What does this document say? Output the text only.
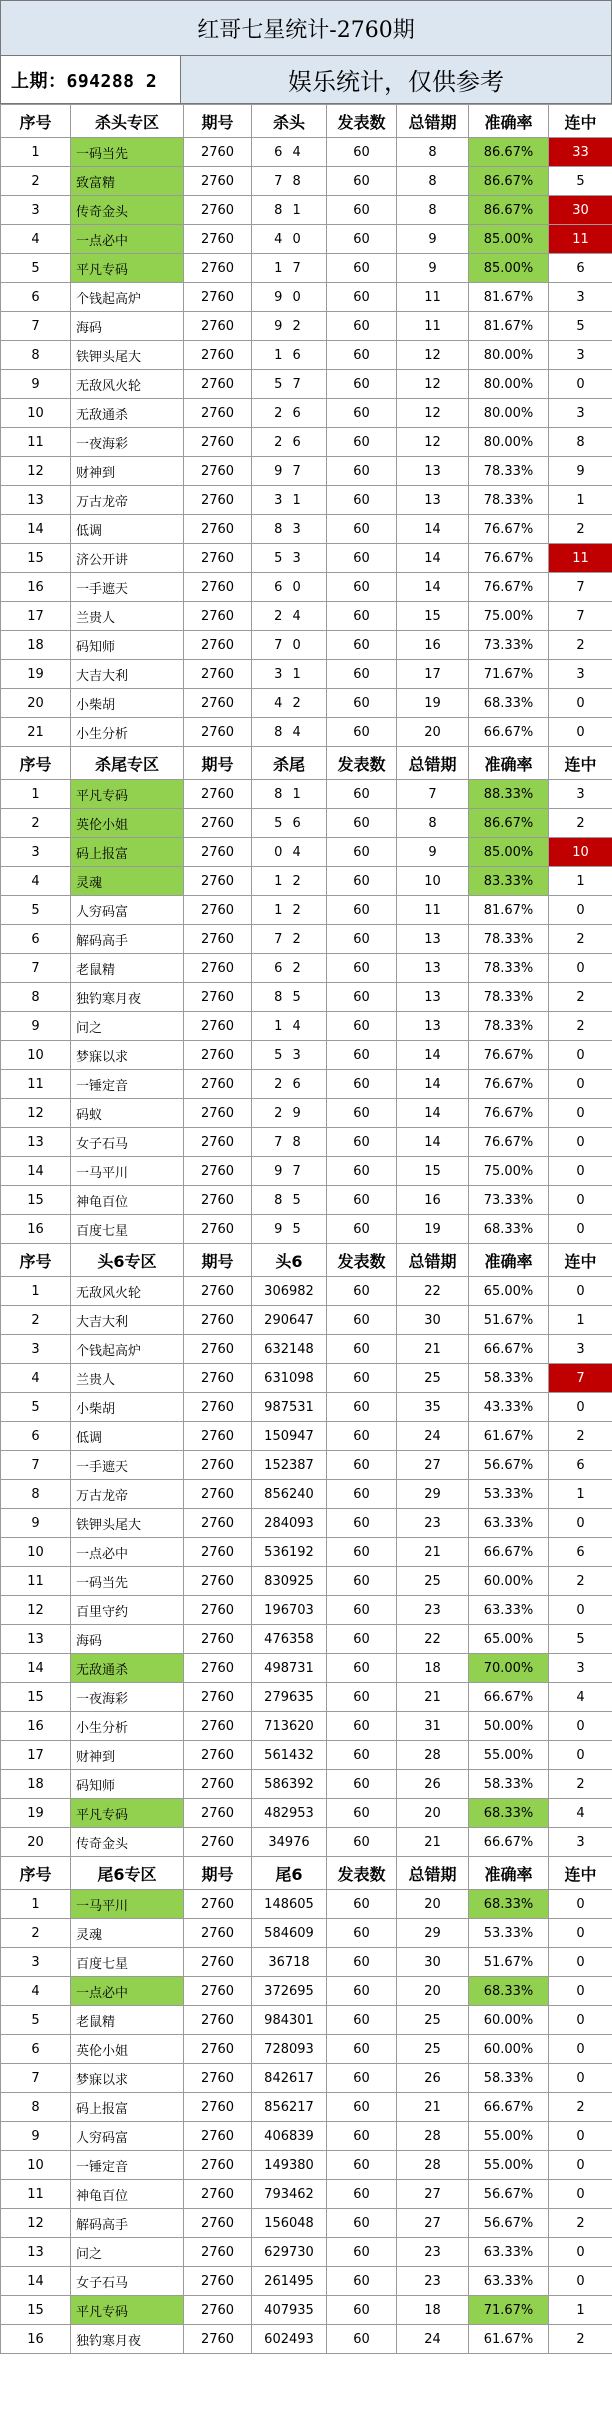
红哥七星统计-2760期
上期：694288 2	娱乐统计，仅供参考
序号	杀头专区	期号	杀头	发表数	总错期	准确率	连中
1	一码当先	2760	6 4	60	8	86.67%	33
2	致富精	2760	7 8	60	8	86.67%	5
3	传奇金头	2760	8 1	60	8	86.67%	30
4	一点必中	2760	4 0	60	9	85.00%	11
5	平凡专码	2760	1 7	60	9	85.00%	6
6	个钱起高炉	2760	9 0	60	11	81.67%	3
7	海码	2760	9 2	60	11	81.67%	5
8	铁钾头尾大	2760	1 6	60	12	80.00%	3
9	无敌风火轮	2760	5 7	60	12	80.00%	0
10	无敌通杀	2760	2 6	60	12	80.00%	3
11	一夜海彩	2760	2 6	60	12	80.00%	8
12	财神到	2760	9 7	60	13	78.33%	9
13	万古龙帝	2760	3 1	60	13	78.33%	1
14	低调	2760	8 3	60	14	76.67%	2
15	济公开讲	2760	5 3	60	14	76.67%	11
16	一手遮天	2760	6 0	60	14	76.67%	7
17	兰贵人	2760	2 4	60	15	75.00%	7
18	码知师	2760	7 0	60	16	73.33%	2
19	大吉大利	2760	3 1	60	17	71.67%	3
20	小柴胡	2760	4 2	60	19	68.33%	0
21	小生分析	2760	8 4	60	20	66.67%	0
序号	杀尾专区	期号	杀尾	发表数	总错期	准确率	连中
1	平凡专码	2760	8 1	60	7	88.33%	3
2	英伦小姐	2760	5 6	60	8	86.67%	2
3	码上报富	2760	0 4	60	9	85.00%	10
4	灵魂	2760	1 2	60	10	83.33%	1
5	人穷码富	2760	1 2	60	11	81.67%	0
6	解码高手	2760	7 2	60	13	78.33%	2
7	老鼠精	2760	6 2	60	13	78.33%	0
8	独钓寒月夜	2760	8 5	60	13	78.33%	2
9	问之	2760	1 4	60	13	78.33%	2
10	梦寐以求	2760	5 3	60	14	76.67%	0
11	一锤定音	2760	2 6	60	14	76.67%	0
12	码蚁	2760	2 9	60	14	76.67%	0
13	女子石马	2760	7 8	60	14	76.67%	0
14	一马平川	2760	9 7	60	15	75.00%	0
15	神龟百位	2760	8 5	60	16	73.33%	0
16	百度七星	2760	9 5	60	19	68.33%	0
序号	头6专区	期号	头6	发表数	总错期	准确率	连中
1	无敌风火轮	2760	306982	60	22	65.00%	0
2	大吉大利	2760	290647	60	30	51.67%	1
3	个钱起高炉	2760	632148	60	21	66.67%	3
4	兰贵人	2760	631098	60	25	58.33%	7
5	小柴胡	2760	987531	60	35	43.33%	0
6	低调	2760	150947	60	24	61.67%	2
7	一手遮天	2760	152387	60	27	56.67%	6
8	万古龙帝	2760	856240	60	29	53.33%	1
9	铁钾头尾大	2760	284093	60	23	63.33%	0
10	一点必中	2760	536192	60	21	66.67%	6
11	一码当先	2760	830925	60	25	60.00%	2
12	百里守约	2760	196703	60	23	63.33%	0
13	海码	2760	476358	60	22	65.00%	5
14	无敌通杀	2760	498731	60	18	70.00%	3
15	一夜海彩	2760	279635	60	21	66.67%	4
16	小生分析	2760	713620	60	31	50.00%	0
17	财神到	2760	561432	60	28	55.00%	0
18	码知师	2760	586392	60	26	58.33%	2
19	平凡专码	2760	482953	60	20	68.33%	4
20	传奇金头	2760	34976	60	21	66.67%	3
序号	尾6专区	期号	尾6	发表数	总错期	准确率	连中
1	一马平川	2760	148605	60	20	68.33%	0
2	灵魂	2760	584609	60	29	53.33%	0
3	百度七星	2760	36718	60	30	51.67%	0
4	一点必中	2760	372695	60	20	68.33%	0
5	老鼠精	2760	984301	60	25	60.00%	0
6	英伦小姐	2760	728093	60	25	60.00%	0
7	梦寐以求	2760	842617	60	26	58.33%	0
8	码上报富	2760	856217	60	21	66.67%	2
9	人穷码富	2760	406839	60	28	55.00%	0
10	一锤定音	2760	149380	60	28	55.00%	0
11	神龟百位	2760	793462	60	27	56.67%	0
12	解码高手	2760	156048	60	27	56.67%	2
13	问之	2760	629730	60	23	63.33%	0
14	女子石马	2760	261495	60	23	63.33%	0
15	平凡专码	2760	407935	60	18	71.67%	1
16	独钓寒月夜	2760	602493	60	24	61.67%	2
